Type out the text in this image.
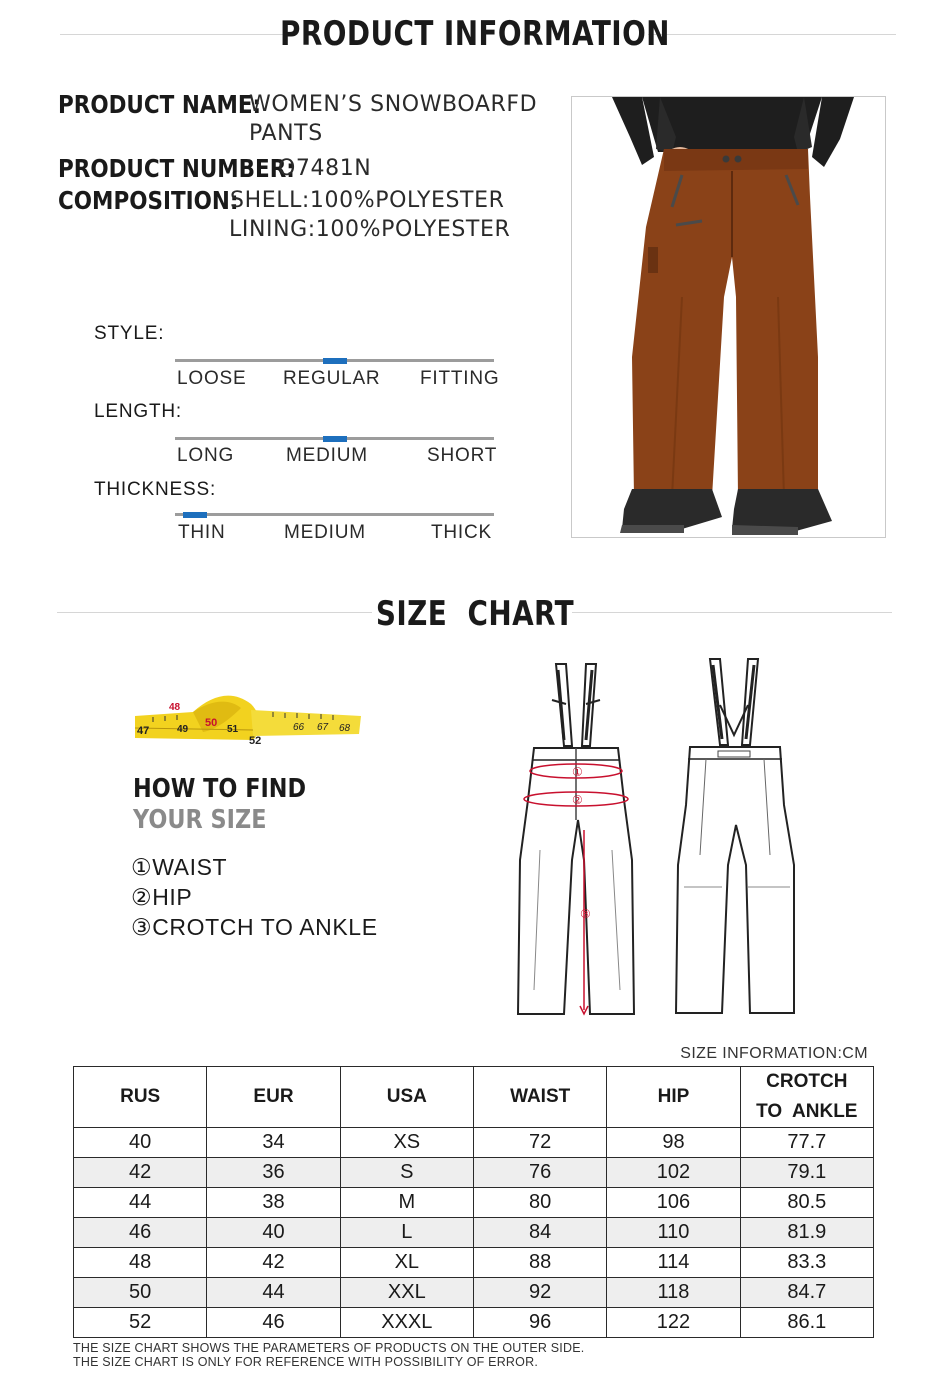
PRODUCT INFORMATION
PRODUCT NAME:
WOMEN’S SNOWBOARFD
PANTS
PRODUCT NUMBER:
O7481N
COMPOSITION:
SHELL:100%POLYESTER
LINING:100%POLYESTER
STYLE:
LOOSE REGULAR FITTING
LENGTH:
LONG	MEDIUM	SHORT
THICKNESS:
THIN	MEDIUM	THICK
SIZE  CHART
47
48
49
50
51
52
66 67 68
HOW TO FIND
YOUR SIZE
①WAIST
②HIP
③CROTCH TO ANKLE
①
②
③
SIZE INFORMATION:CM
RUS	EUR	USA	WAIST	HIP	CROTCH
TO  ANKLE
40	34	XS	72	98	77.7
42	36	S	76	102	79.1
44	38	M	80	106	80.5
46	40	L	84	110	81.9
48	42	XL	88	114	83.3
50	44	XXL	92	118	84.7
52	46	XXXL	96	122	86.1
THE SIZE CHART SHOWS THE PARAMETERS OF PRODUCTS ON THE OUTER SIDE.
THE SIZE CHART IS ONLY FOR REFERENCE WITH POSSIBILITY OF ERROR.
